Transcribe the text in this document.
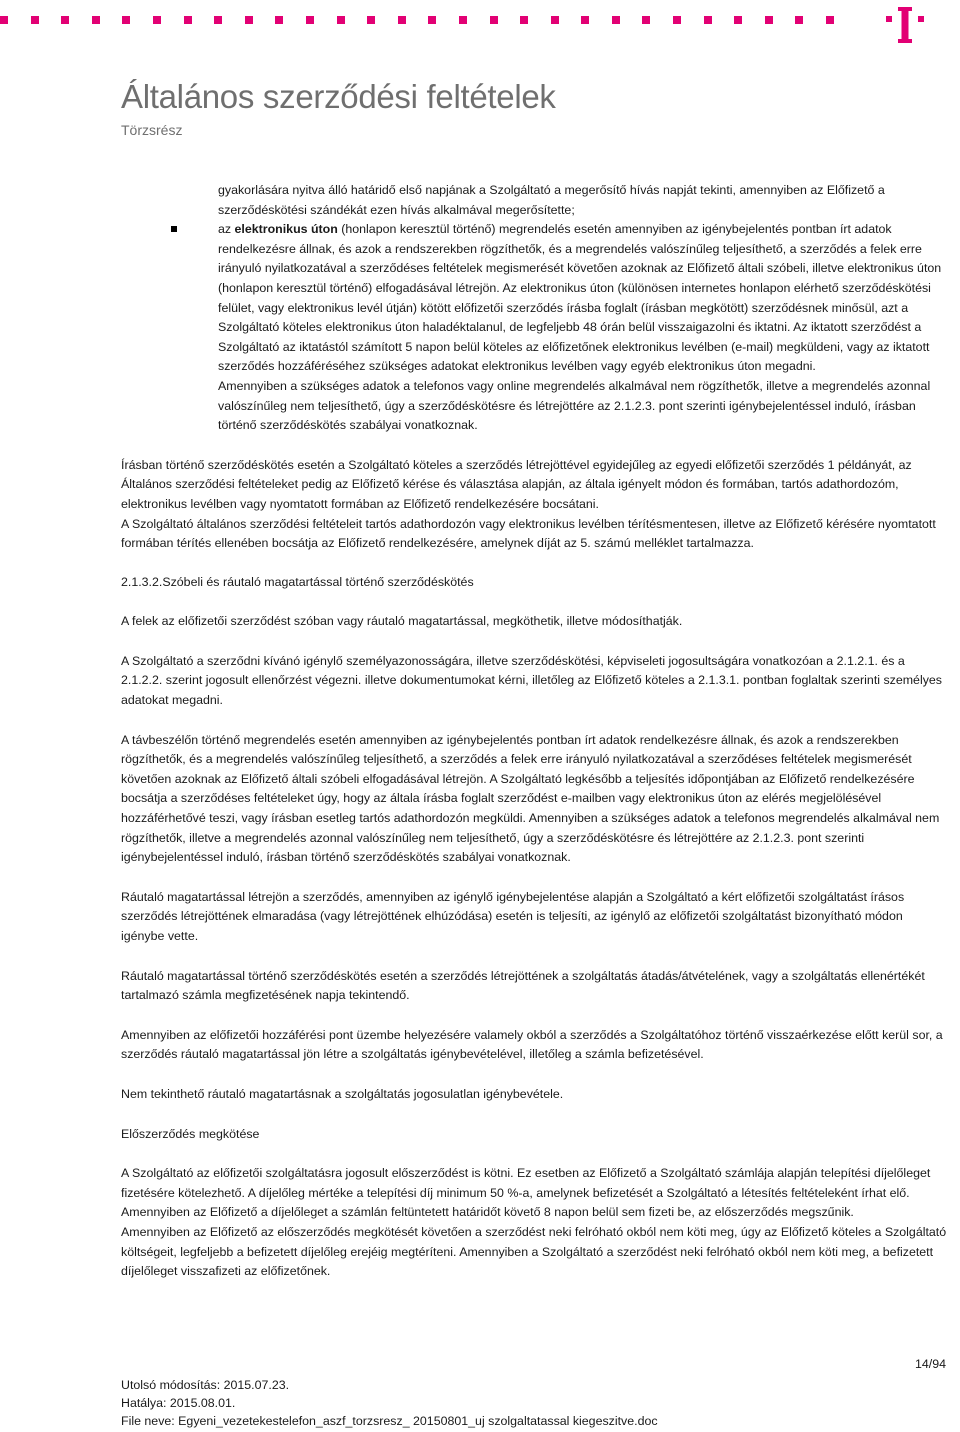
Általános szerződési feltételek
Törzsrész

gyakorlására nyitva álló határidő első napjának a Szolgáltató a megerősítő hívás napját tekinti, amennyiben az Előfizető a szerződéskötési szándékát ezen hívás alkalmával megerősítette;

az elektronikus úton (honlapon keresztül történő) megrendelés esetén amennyiben az igénybejelentés pontban írt adatok rendelkezésre állnak, és azok a rendszerekben rögzíthetők, és a megrendelés valószínűleg teljesíthető, a szerződés a felek erre irányuló nyilatkozatával a szerződéses feltételek megismerését követően azoknak az Előfizető általi szóbeli, illetve elektronikus úton (honlapon keresztül történő) elfogadásával létrejön. Az elektronikus úton (különösen internetes honlapon elérhető szerződéskötési felület, vagy elektronikus levél útján) kötött előfizetői szerződés írásba foglalt (írásban megkötött) szerződésnek minősül, azt a Szolgáltató köteles elektronikus úton haladéktalanul, de legfeljebb 48 órán belül visszaigazolni és iktatni. Az iktatott szerződést a Szolgáltató az iktatástól számított 5 napon belül köteles az előfizetőnek elektronikus levélben (e-mail) megküldeni, vagy az iktatott szerződés hozzáféréséhez szükséges adatokat elektronikus levélben vagy egyéb elektronikus úton megadni.

Amennyiben a szükséges adatok a telefonos vagy online megrendelés alkalmával nem rögzíthetők, illetve a megrendelés azonnal valószínűleg nem teljesíthető, úgy a szerződéskötésre és létrejöttére az 2.1.2.3. pont szerinti igénybejelentéssel induló, írásban történő szerződéskötés szabályai vonatkoznak.

Írásban történő szerződéskötés esetén a Szolgáltató köteles a szerződés létrejöttével egyidejűleg az egyedi előfizetői szerződés 1 példányát, az Általános szerződési feltételeket pedig az Előfizető kérése és választása alapján, az általa igényelt módon és formában, tartós adathordozóm, elektronikus levélben vagy nyomtatott formában az Előfizető rendelkezésére bocsátani.

A Szolgáltató általános szerződési feltételeit tartós adathordozón vagy elektronikus levélben térítésmentesen, illetve az Előfizető kérésére nyomtatott formában térítés ellenében bocsátja az Előfizető rendelkezésére, amelynek díját az 5. számú melléklet tartalmazza.

2.1.3.2.Szóbeli és ráutaló magatartással történő szerződéskötés

A felek az előfizetői szerződést szóban vagy ráutaló magatartással, megköthetik, illetve módosíthatják.

A Szolgáltató a szerződni kívánó igénylő személyazonosságára, illetve szerződéskötési, képviseleti jogosultságára vonatkozóan a 2.1.2.1. és a 2.1.2.2. szerint jogosult ellenőrzést végezni. illetve dokumentumokat kérni, illetőleg az Előfizető köteles a 2.1.3.1. pontban foglaltak szerinti személyes adatokat megadni.

A távbeszélőn történő megrendelés esetén amennyiben az igénybejelentés pontban írt adatok rendelkezésre állnak, és azok a rendszerekben rögzíthetők, és a megrendelés valószínűleg teljesíthető, a szerződés a felek erre irányuló nyilatkozatával a szerződéses feltételek megismerését követően azoknak az Előfizető általi szóbeli elfogadásával létrejön. A Szolgáltató legkésőbb a teljesítés időpontjában az Előfizető rendelkezésére bocsátja a szerződéses feltételeket úgy, hogy az általa írásba foglalt szerződést e-mailben vagy elektronikus úton az elérés megjelölésével hozzáférhetővé teszi, vagy írásban esetleg tartós adathordozón megküldi. Amennyiben a szükséges adatok a telefonos megrendelés alkalmával nem rögzíthetők, illetve a megrendelés azonnal valószínűleg nem teljesíthető, úgy a szerződéskötésre és létrejöttére az 2.1.2.3. pont szerinti igénybejelentéssel induló, írásban történő szerződéskötés szabályai vonatkoznak.

Ráutaló magatartással létrejön a szerződés, amennyiben az igénylő igénybejelentése alapján a Szolgáltató a kért előfizetői szolgáltatást írásos szerződés létrejöttének elmaradása (vagy létrejöttének elhúzódása) esetén is teljesíti, az igénylő az előfizetői szolgáltatást bizonyítható módon igénybe vette.

Ráutaló magatartással történő szerződéskötés esetén a szerződés létrejöttének a szolgáltatás átadás/átvételének, vagy a szolgáltatás ellenértékét tartalmazó számla megfizetésének napja tekintendő.

Amennyiben az előfizetői hozzáférési pont üzembe helyezésére valamely okból a szerződés a Szolgáltatóhoz történő visszaérkezése előtt kerül sor, a szerződés ráutaló magatartással jön létre a szolgáltatás igénybevételével, illetőleg a számla befizetésével.

Nem tekinthető ráutaló magatartásnak a szolgáltatás jogosulatlan igénybevétele.

Előszerződés megkötése

A Szolgáltató az előfizetői szolgáltatásra jogosult előszerződést is kötni. Ez esetben az Előfizető a Szolgáltató számlája alapján telepítési díjelőleget fizetésére kötelezhető. A díjelőleg mértéke a telepítési díj minimum 50 %-a, amelynek befizetését a Szolgáltató a létesítés feltételeként írhat elő. Amennyiben az Előfizető a díjelőleget a számlán feltüntetett határidőt követő 8 napon belül sem fizeti be, az előszerződés megszűnik.

Amennyiben az Előfizető az előszerződés megkötését követően a szerződést neki felróható okból nem köti meg, úgy az Előfizető köteles a Szolgáltató költségeit, legfeljebb a befizetett díjelőleg erejéig megtéríteni. Amennyiben a Szolgáltató a szerződést neki felróható okból nem köti meg, a befizetett díjelőleget visszafizeti az előfizetőnek.

14/94
Utolsó módosítás: 2015.07.23.
Hatálya: 2015.08.01.
File neve: Egyeni_vezetekestelefon_aszf_torzsresz_ 20150801_uj szolgaltatassal kiegeszitve.doc
